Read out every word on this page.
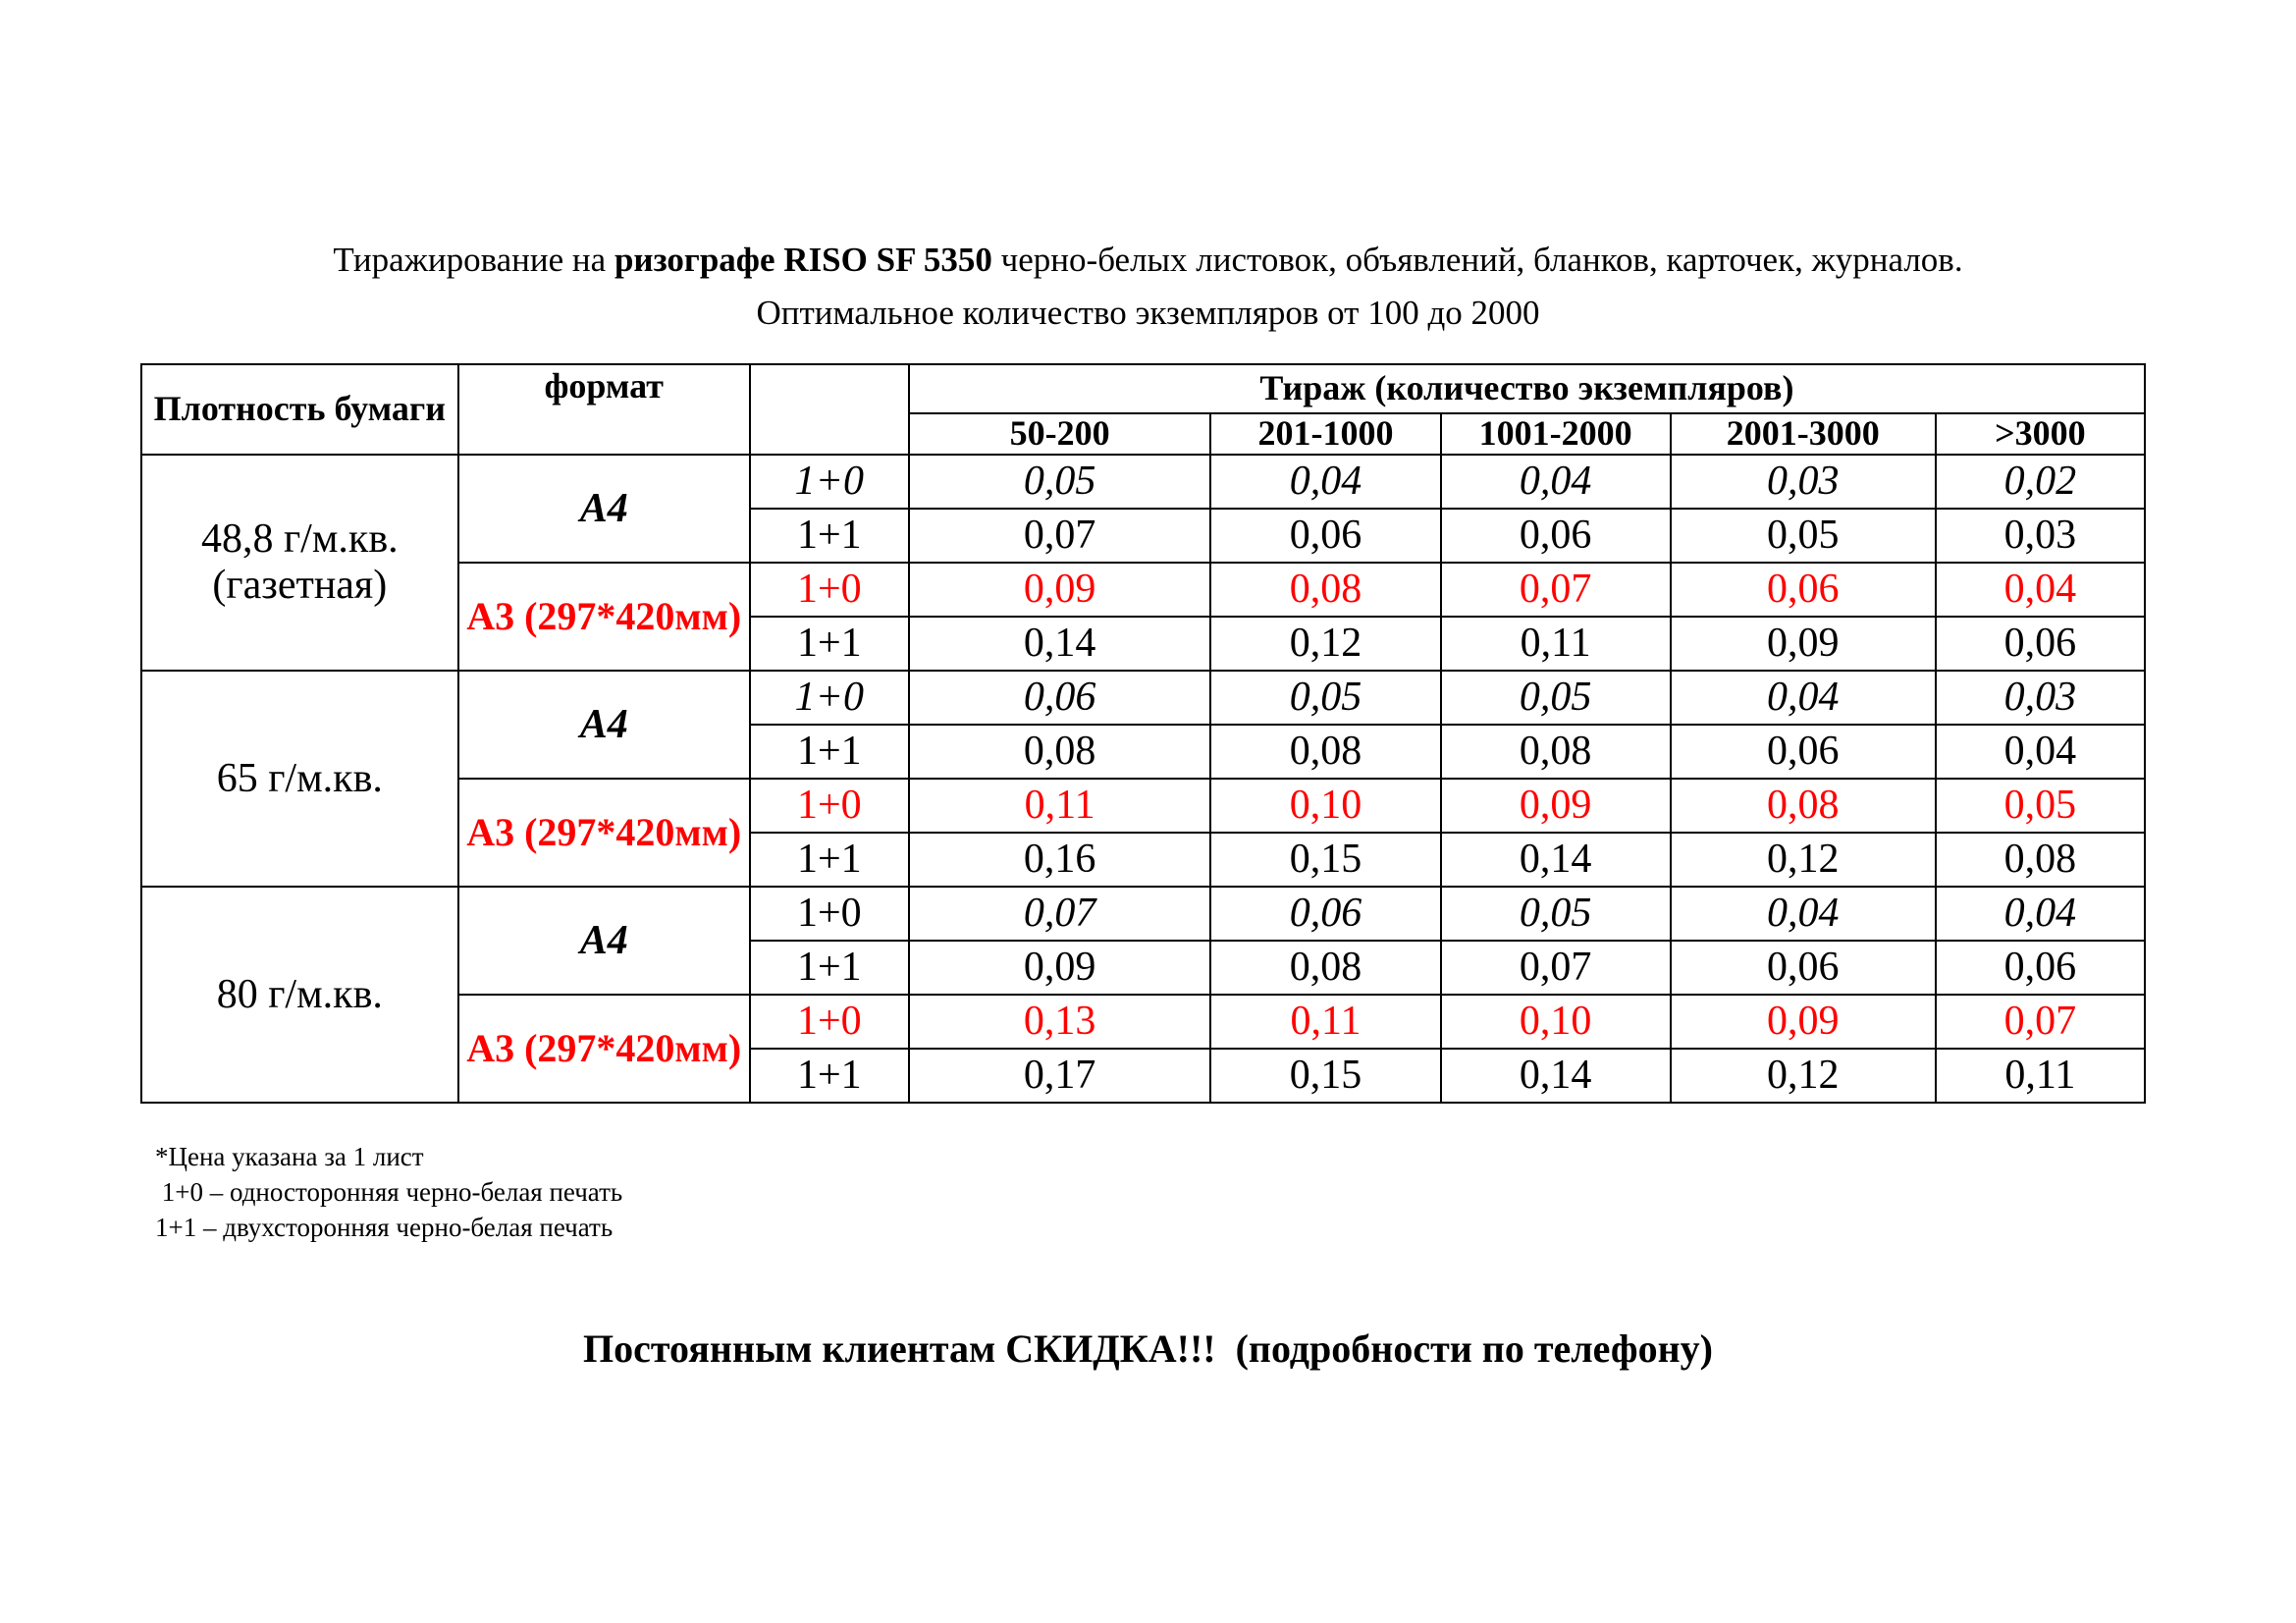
Тиражирование на ризографе RISO SF 5350 черно-белых листовок, объявлений, бланков, карточек, журналов.
Оптимальное количество экземпляров от 100 до 2000
Плотность бумаги	формат		Тираж (количество экземпляров)				
			50-200	201-1000	1001-2000	2001-3000	>3000
48,8 г/м.кв. (газетная)	А4	1+0	0,05	0,04	0,04	0,03	0,02
		1+1	0,07	0,06	0,06	0,05	0,03

	А3 (297*420мм)	1+0	0,09	0,08	0,07	0,06	0,04
		1+1	0,14	0,12	0,11	0,09	0,06
65 г/м.кв.	А4	1+0	0,06	0,05	0,05	0,04	0,03
		1+1	0,08	0,08	0,08	0,06	0,04

	А3 (297*420мм)	1+0	0,11	0,10	0,09	0,08	0,05
		1+1	0,16	0,15	0,14	0,12	0,08
80 г/м.кв.	А4	1+0	0,07	0,06	0,05	0,04	0,04
		1+1	0,09	0,08	0,07	0,06	0,06

	А3 (297*420мм)	1+0	0,13	0,11	0,10	0,09	0,07
		1+1	0,17	0,15	0,14	0,12	0,11
*Цена указана за 1 лист
1+0 – односторонняя черно-белая печать
1+1 – двухсторонняя черно-белая печать
Постоянным клиентам СКИДКА!!!  (подробности по телефону)
